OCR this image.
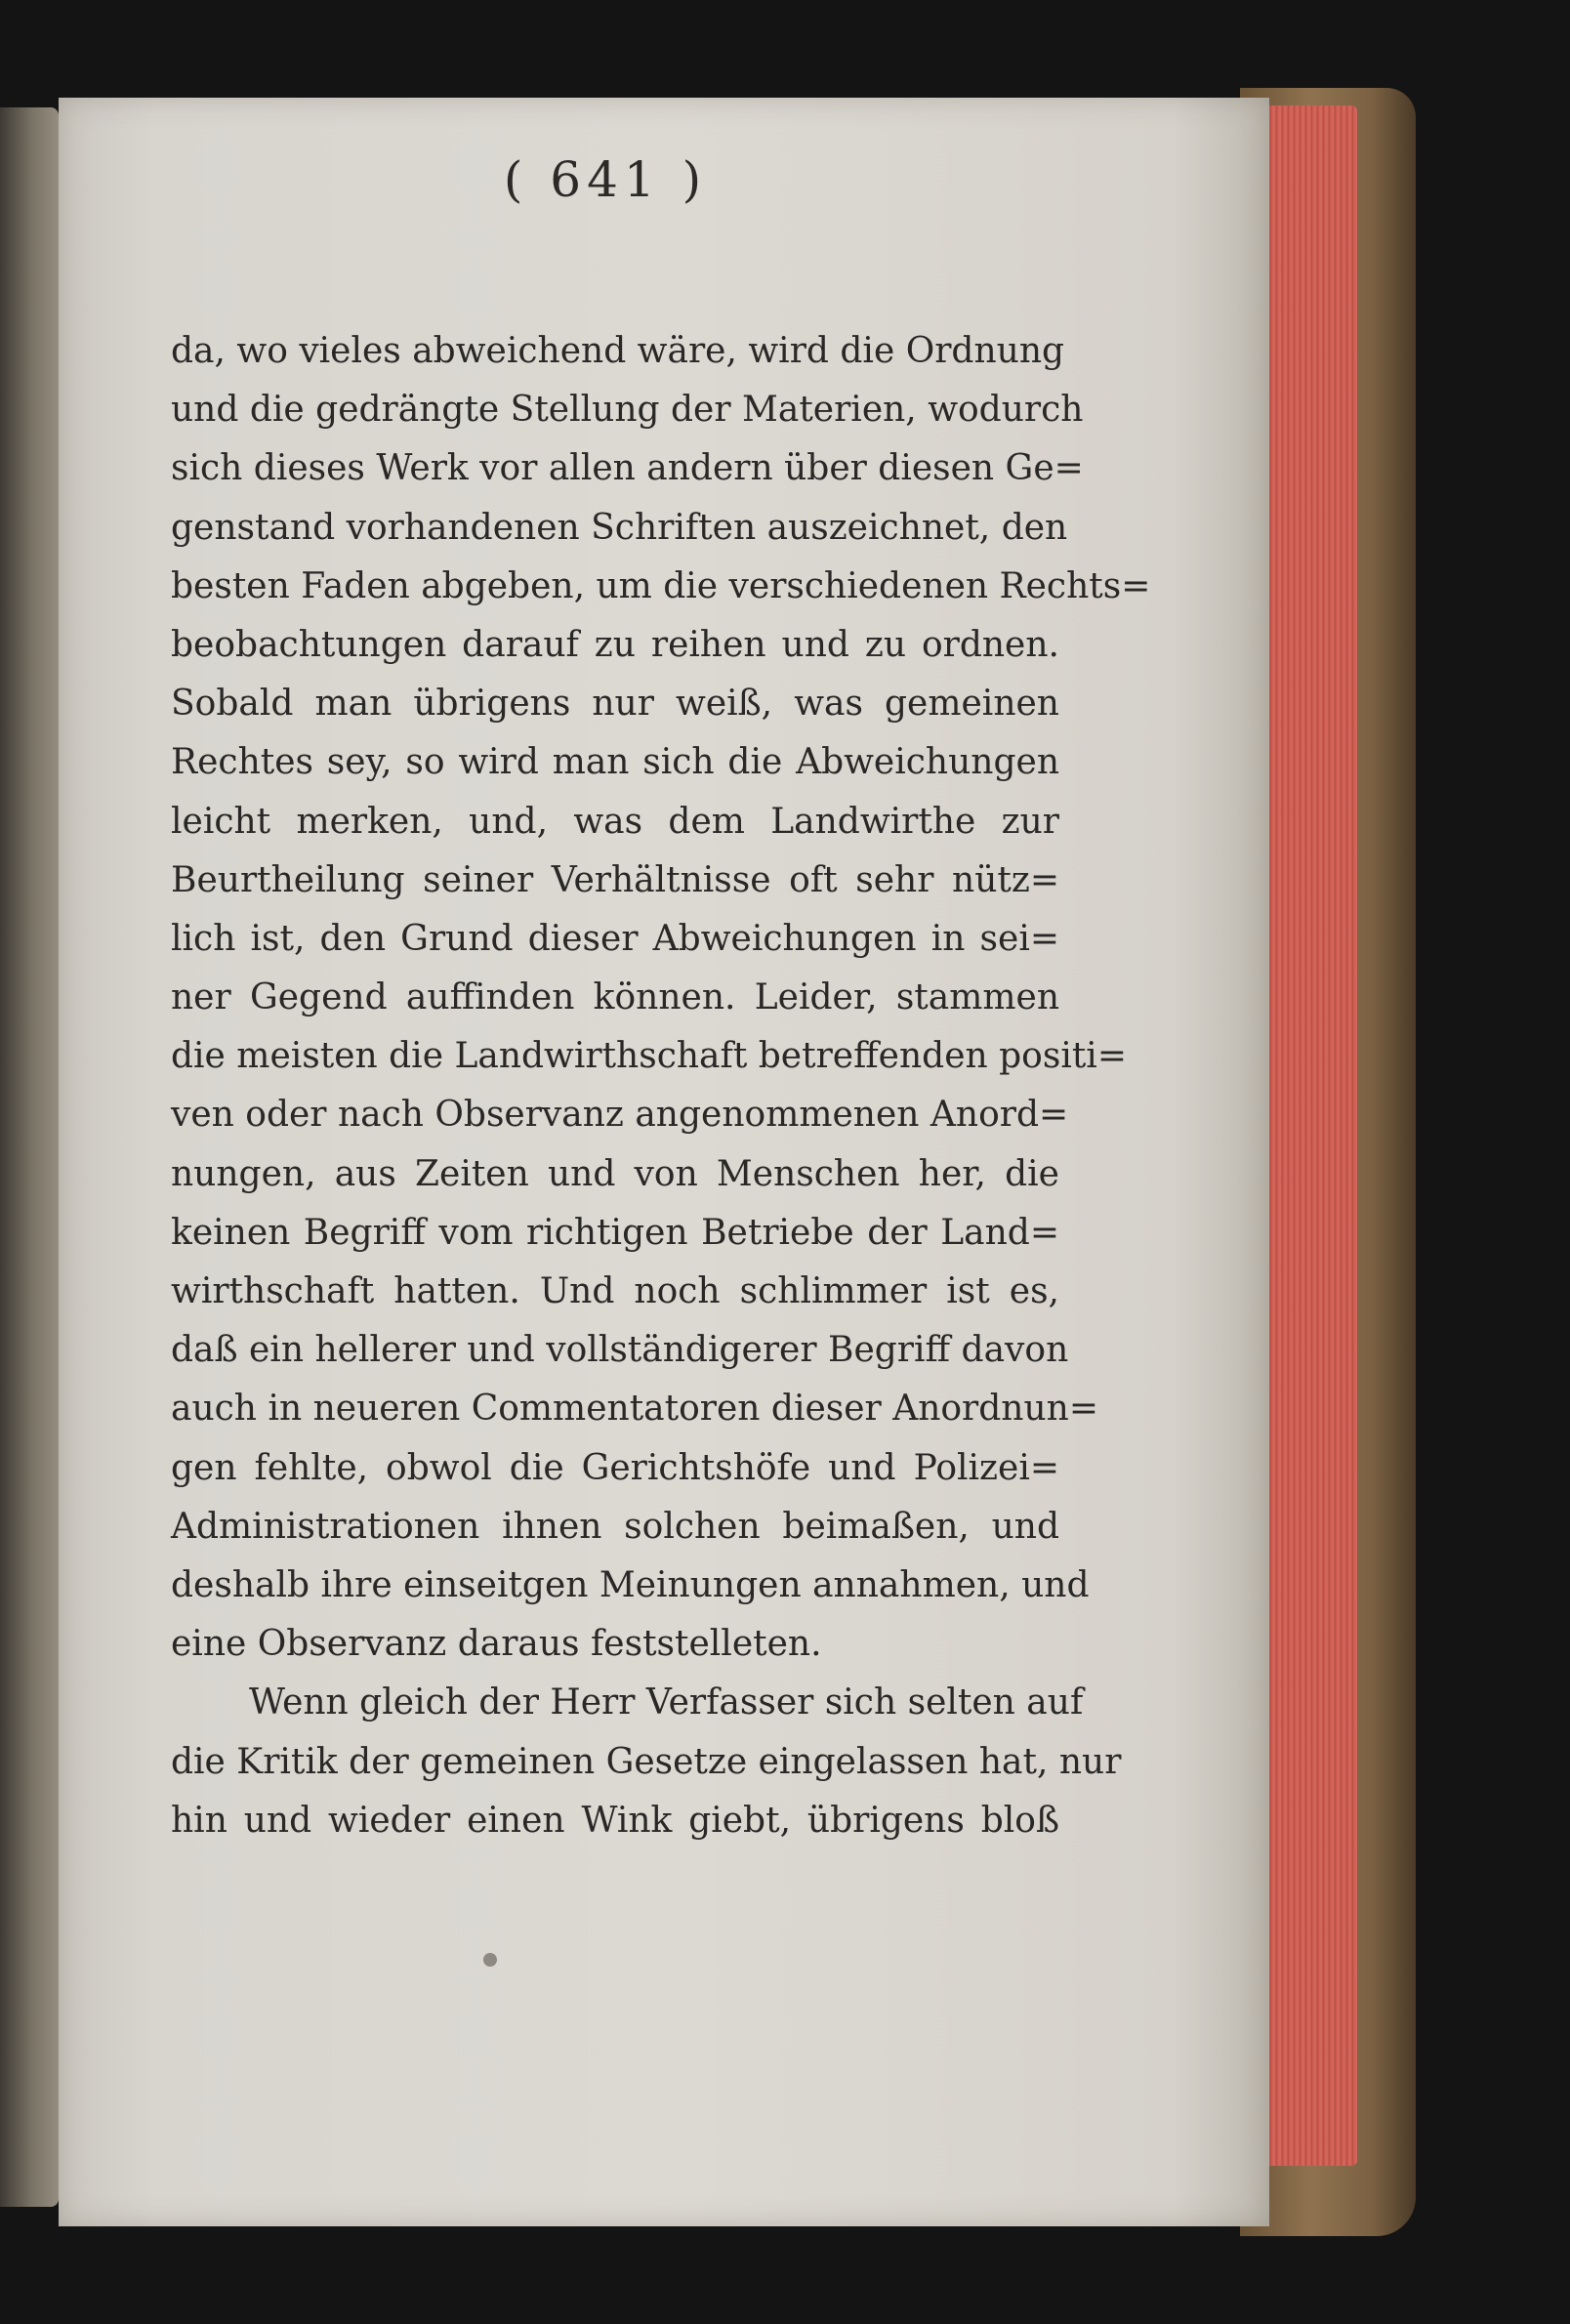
( 641 )
da, wo vieles abweichend wäre, wird die Ordnung
und die gedrängte Stellung der Materien, wodurch
sich dieses Werk vor allen andern über diesen Ge=
genstand vorhandenen Schriften auszeichnet, den
besten Faden abgeben, um die verschiedenen Rechts=
beobachtungen darauf zu reihen und zu ordnen.
Sobald man übrigens nur weiß, was gemeinen
Rechtes sey, so wird man sich die Abweichungen
leicht merken, und, was dem Landwirthe zur
Beurtheilung seiner Verhältnisse oft sehr nütz=
lich ist, den Grund dieser Abweichungen in sei=
ner Gegend auffinden können. Leider, stammen
die meisten die Landwirthschaft betreffenden positi=
ven oder nach Observanz angenommenen Anord=
nungen, aus Zeiten und von Menschen her, die
keinen Begriff vom richtigen Betriebe der Land=
wirthschaft hatten. Und noch schlimmer ist es,
daß ein hellerer und vollständigerer Begriff davon
auch in neueren Commentatoren dieser Anordnun=
gen fehlte, obwol die Gerichtshöfe und Polizei=
Administrationen ihnen solchen beimaßen, und
deshalb ihre einseitgen Meinungen annahmen, und
eine Observanz daraus feststelleten.
Wenn gleich der Herr Verfasser sich selten auf
die Kritik der gemeinen Gesetze eingelassen hat, nur
hin und wieder einen Wink giebt, übrigens bloß
